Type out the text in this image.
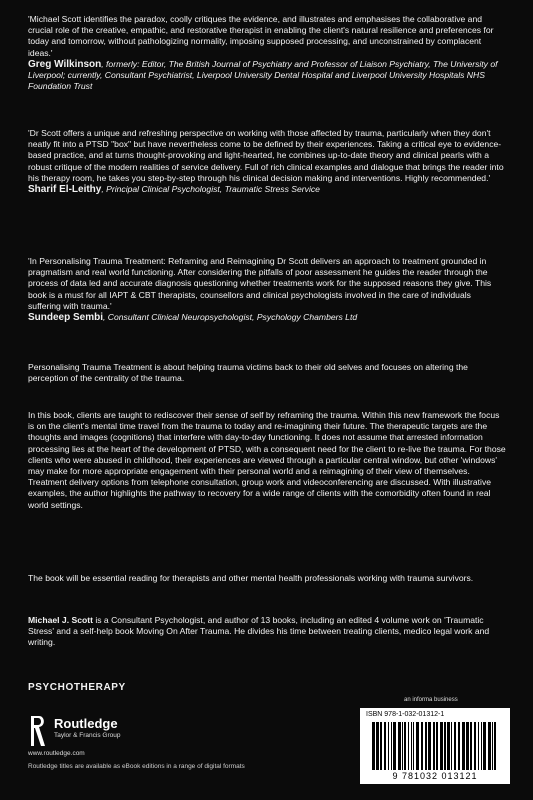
'Michael Scott identifies the paradox, coolly critiques the evidence, and illustrates and emphasises the collaborative and crucial role of the creative, empathic, and restorative therapist in enabling the client's natural resilience and preferences for today and tomorrow, without pathologizing normality, imposing supposed processing, and unconstrained by complacent ideas.'
Greg Wilkinson, formerly: Editor, The British Journal of Psychiatry and Professor of Liaison Psychiatry, The University of Liverpool; currently, Consultant Psychiatrist, Liverpool University Dental Hospital and Liverpool University Hospitals NHS Foundation Trust
'Dr Scott offers a unique and refreshing perspective on working with those affected by trauma, particularly when they don't neatly fit into a PTSD "box" but have nevertheless come to be defined by their experiences. Taking a critical eye to evidence-based practice, and at turns thought-provoking and light-hearted, he combines up-to-date theory and clinical pearls with a robust critique of the modern realities of service delivery. Full of rich clinical examples and dialogue that brings the reader into his therapy room, he takes you step-by-step through his clinical decision making and interventions. Highly recommended.'
Sharif El-Leithy, Principal Clinical Psychologist, Traumatic Stress Service
'In Personalising Trauma Treatment: Reframing and Reimagining Dr Scott delivers an approach to treatment grounded in pragmatism and real world functioning. After considering the pitfalls of poor assessment he guides the reader through the process of data led and accurate diagnosis questioning whether treatments work for the supposed reasons they give. This book is a must for all IAPT & CBT therapists, counsellors and clinical psychologists involved in the care of individuals suffering with trauma.'
Sundeep Sembi, Consultant Clinical Neuropsychologist, Psychology Chambers Ltd
Personalising Trauma Treatment is about helping trauma victims back to their old selves and focuses on altering the perception of the centrality of the trauma.
In this book, clients are taught to rediscover their sense of self by reframing the trauma. Within this new framework the focus is on the client's mental time travel from the trauma to today and re-imagining their future. The therapeutic targets are the thoughts and images (cognitions) that interfere with day-to-day functioning. It does not assume that arrested information processing lies at the heart of the development of PTSD, with a consequent need for the client to re-live the trauma. For those clients who were abused in childhood, their experiences are viewed through a particular central window, but other 'windows' may make for more appropriate engagement with their personal world and a reimagining of their view of themselves. Treatment delivery options from telephone consultation, group work and videoconferencing are discussed. With illustrative examples, the author highlights the pathway to recovery for a wide range of clients with the comorbidity often found in real world settings.
The book will be essential reading for therapists and other mental health professionals working with trauma survivors.
Michael J. Scott is a Consultant Psychologist, and author of 13 books, including an edited 4 volume work on 'Traumatic Stress' and a self-help book Moving On After Trauma. He divides his time between treating clients, medico legal work and writing.
PSYCHOTHERAPY
Routledge
Taylor & Francis Group
www.routledge.com
Routledge titles are available as eBook editions in a range of digital formats
an informa business
ISBN 978-1-032-01312-1
9 781032 013121
